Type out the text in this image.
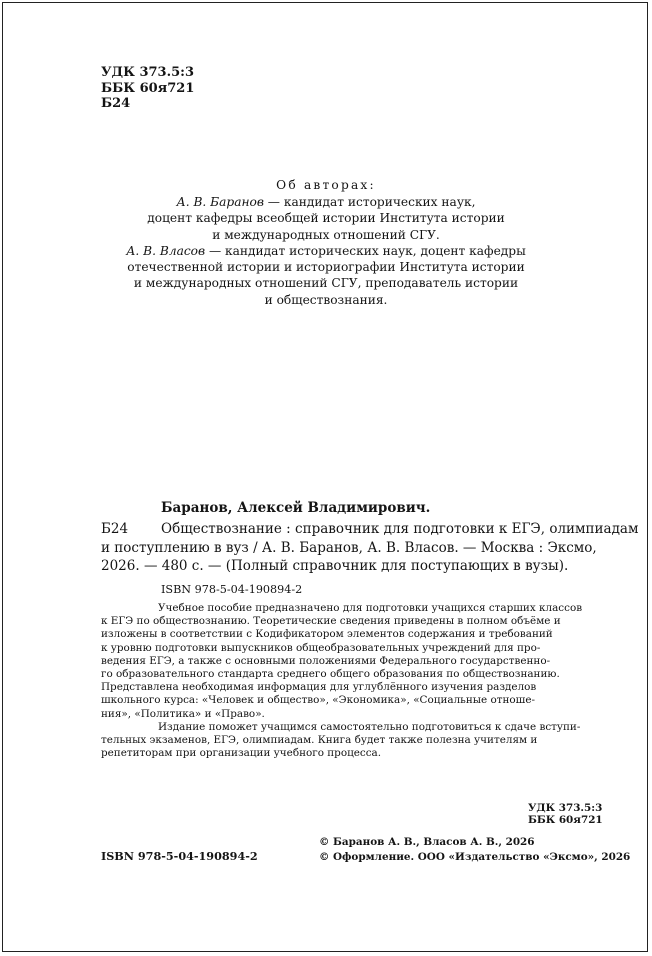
УДК 373.5:3
ББК 60я721
Б24
Об авторах:
А. В. Баранов — кандидат исторических наук,
доцент кафедры всеобщей истории Института истории
и международных отношений СГУ.
А. В. Власов — кандидат исторических наук, доцент кафедры
отечественной истории и историографии Института истории
и международных отношений СГУ, преподаватель истории
и обществознания.
Баранов, Алексей Владимирович.
Б24 Обществознание : справочник для подготовки к ЕГЭ, олимпиадам
и поступлению в вуз / А. В. Баранов, А. В. Власов. — Москва : Эксмо,
2026. — 480 с. — (Полный справочник для поступающих в вузы).
ISBN 978-5-04-190894-2
Учебное пособие предназначено для подготовки учащихся старших классов
к ЕГЭ по обществознанию. Теоретические сведения приведены в полном объёме и
изложены в соответствии с Кодификатором элементов содержания и требований
к уровню подготовки выпускников общеобразовательных учреждений для про-
ведения ЕГЭ, а также с основными положениями Федерального государственно-
го образовательного стандарта среднего общего образования по обществознанию.
Представлена необходимая информация для углублённого изучения разделов
школьного курса: «Человек и общество», «Экономика», «Социальные отноше-
ния», «Политика» и «Право».
Издание поможет учащимся самостоятельно подготовиться к сдаче вступи-
тельных экзаменов, ЕГЭ, олимпиадам. Книга будет также полезна учителям и
репетиторам при организации учебного процесса.
УДК 373.5:3
ББК 60я721
© Баранов А. В., Власов А. В., 2026
© Оформление. ООО «Издательство «Эксмо», 2026
ISBN 978-5-04-190894-2
